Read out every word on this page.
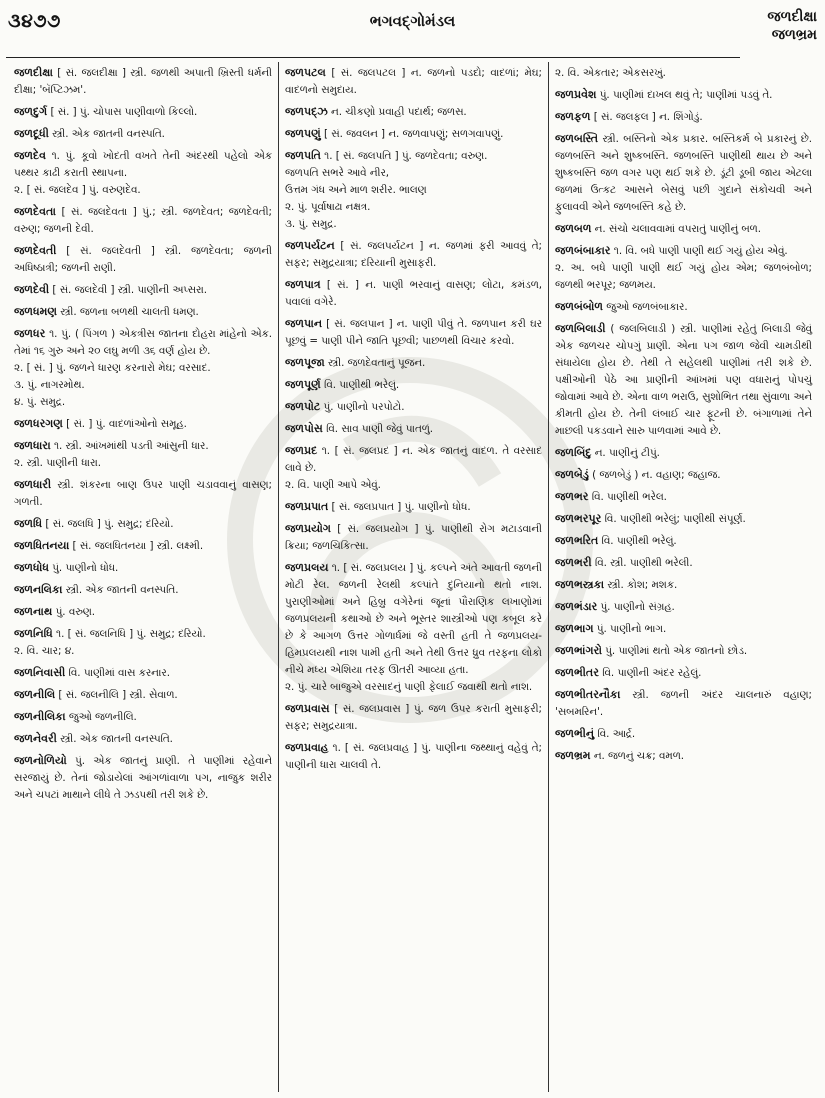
૩૪૭૭	ભગવદ્ગોમંડલ	જળદીક્ષા
જળભ્રમ

જળદીક્ષા [ સં. જલદીક્ષા ] સ્ત્રી. જળથી અપાતી ખ્રિસ્તી ધર્મની દીક્ષા; 'બૅપ્ટિઝમ'.

જળદુર્ગ [ સં. ] પું. ચોપાસ પાણીવાળો કિલ્લો.

જળદૂધી સ્ત્રી. એક જાતની વનસ્પતિ.

જળદેવ ૧. પું. કૂવો ખોદતી વખતે તેની અંદરથી પહેલો એક પથ્થર કાઢી કરાતી સ્થાપના.
૨. [ સં. જલદેવ ] પું. વરુણદેવ.

જળદેવતા [ સં. જલદેવતા ] પું.; સ્ત્રી. જળદેવત; જળદેવતી; વરુણ; જળની દેવી.

જળદેવતી [ સં. જલદેવતી ] સ્ત્રી. જળદેવતા; જળની અધિષ્ઠાત્રી; જળની રાણી.

જળદેવી [ સં. જલદેવી ] સ્ત્રી. પાણીની અપ્સરા.

જળધમણ સ્ત્રી. જળના બળથી ચાલતી ધમણ.

જળધર ૧. પું. ( પિંગળ ) એકત્રીસ જાતના દોહરા માંહેનો એક. તેમાં ૧૬ ગુરુ અને ૨૦ લઘુ મળી ૩૬ વર્ણ હોય છે.
૨. [ સં. ] પું. જળને ધારણ કરનારો મેઘ; વરસાદ.
૩. પું. નાગરમોથ.
૪. પું. સમુદ્ર.

જળધરગણ [ સં. ] પું. વાદળાંઓનો સમૂહ.

જળધારા ૧. સ્ત્રી. આંખમાંથી પડતી આંસુની ધાર.
૨. સ્ત્રી. પાણીની ધારા.

જળધારી સ્ત્રી. શંકરના બાણ ઉપર પાણી ચડાવવાનું વાસણ; ગળતી.

જળધિ [ સં. જલધિ ] પું. સમુદ્ર; દરિયો.

જળધિતનયા [ સં. જલધિતનયા ] સ્ત્રી. લક્ષ્મી.

જળધોધ પું. પાણીનો ધોધ.

જળનલિકા સ્ત્રી. એક જાતની વનસ્પતિ.

જળનાથ પું. વરુણ.

જળનિધિ ૧. [ સં. જલનિધિ ] પું. સમુદ્ર; દરિયો.
૨. વિ. ચાર; ૪.

જળનિવાસી વિ. પાણીમાં વાસ કરનાર.

જળનીલિ [ સં. જલનીલિ ] સ્ત્રી. સેવાળ.

જળનીલિકા જુઓ જળનીલિ.

જળનેવરી સ્ત્રી. એક જાતની વનસ્પતિ.

જળનોળિયો પું. એક જાતનું પ્રાણી. તે પાણીમાં રહેવાને સરજાયું છે. તેનાં જોડાયેલાં આંગળાંવાળા પગ, નાજુક શરીર અને ચપટાં માથાને લીધે તે ઝડપથી તરી શકે છે.

જળપટલ [ સં. જલપટલ ] ન. જળનો પડદો; વાદળાં; મેઘ; વાદળનો સમુદાય.

જળપદ્ઝ ન. ચીકણો પ્રવાહી પદાર્થ; જળસ.

જળપણું [ સં. જવલન ] ન. જળવાપણું; સળગવાપણું.

જળપતિ ૧. [ સં. જલપતિ ] પું. જળદેવતા; વરુણ.
જળપતિ સભરે આવે નીર,
ઉત્તમ ગંધ અને માળ શરીર. ભાલણ
૨. પું. પૂર્વાષાઢા નક્ષત્ર.
૩. પું. સમુદ્ર.

જળપર્યટન [ સં. જલપર્યટન ] ન. જળમાં ફરી આવવું તે; સફર; સમુદ્રયાત્રા; દરિયાની મુસાફરી.

જળપાત્ર [ સં. ] ન. પાણી ભરવાનું વાસણ; લોટા, કમંડળ, પવાલાં વગેરે.

જળપાન [ સં. જલપાન ] ન. પાણી પીવું તે. જળપાન કરી ઘર પૂછવું = પાણી પીને જાતિ પૂછવી; પાછળથી વિચાર કરવો.

જળપૂજા સ્ત્રી. જળદેવતાનું પૂજન.

જળપૂર્ણ વિ. પાણીથી ભરેલું.

જળપોટ પું. પાણીનો પરપોટો.

જળપોસ વિ. સાવ પાણી જેવું પાતળું.

જળપ્રદ ૧. [ સં. જલપ્રદ ] ન. એક જાતનું વાદળ. તે વરસાદ લાવે છે.
૨. વિ. પાણી આપે એવું.

જળપ્રપાત [ સં. જલપ્રપાત ] પું. પાણીનો ધોધ.

જળપ્રયોગ [ સં. જલપ્રયોગ ] પું. પાણીથી રોગ મટાડવાની ક્રિયા; જળચિકિત્સા.

જળપ્રલય ૧. [ સં. જલપ્રલય ] પું. કલ્પને અંતે આવતી જળની મોટી રેલ. જળની રેલથી કલ્પાંતે દુનિયાનો થતો નાશ. પુરાણીઓમાં અને હિબ્રુ વગેરેનાં જૂનાં પૌરાણિક લખાણોમાં જળપ્રલયની કથાઓ છે અને ભૂસ્તર શાસ્ત્રીઓ પણ કબૂલ કરે છે કે આગળ ઉત્તર ગોળાર્ધમાં જે વસ્તી હતી તે જળપ્રલય-હિમપ્રલયથી નાશ પામી હતી અને તેથી ઉત્તર ધ્રુવ તરફના લોકો નીચે મધ્ય એશિયા તરફ ઊતરી આવ્યા હતા.
૨. પું. ચારે બાજુએ વરસાદનું પાણી ફેલાઈ જવાથી થતો નાશ.

જળપ્રવાસ [ સં. જલપ્રવાસ ] પું. જળ ઉપર કરાતી મુસાફરી; સફર; સમુદ્રયાત્રા.

જળપ્રવાહ ૧. [ સં. જલપ્રવાહ ] પું. પાણીના જથ્થાનું વહેવું તે; પાણીની ધારા ચાલવી તે.

૨. વિ. એકતાર; એકસરખું.

જળપ્રવેશ પું. પાણીમાં દાખલ થવું તે; પાણીમાં પડવું તે.

જળફળ [ સં. જલફલ ] ન. શિંગોડું.

જળબસ્તિ સ્ત્રી. બસ્તિનો એક પ્રકાર. બસ્તિકર્મ બે પ્રકારનું છે. જળબસ્તિ અને શુષ્કબસ્તિ. જળબસ્તિ પાણીથી થાય છે અને શુષ્કબસ્તિ જળ વગર પણ થઈ શકે છે. ડૂંટી ડૂબી જાય એટલા જળમાં ઉત્કટ આસને બેસવું પછી ગુદાને સંકોચવી અને ફુલાવવી એને જળબસ્તિ કહે છે.

જળબળ ન. સંચો ચલાવવામાં વપરાતું પાણીનું બળ.

જળબંબાકાર ૧. વિ. બધે પાણી પાણી થઈ ગયું હોય એવું.
૨. અ. બધે પાણી પાણી થઈ ગયું હોય એમ; જળબંબોળ; જળથી ભરપૂર; જળમય.

જળબંબોળ જુઓ જળબંબાકાર.

જળબિલાડી ( જલબિલાડી ) સ્ત્રી. પાણીમાં રહેતું બિલાડી જેવું એક જળચર ચોપગું પ્રાણી. એના પગ જાળ જેવી ચામડીથી સંધાયેલા હોય છે. તેથી તે સહેલથી પાણીમાં તરી શકે છે. પક્ષીઓની પેઠે આ પ્રાણીની આંખમાં પણ વધારાનું પોપચું જોવામાં આવે છે. એના વાળ ભરાઉ, સુશોભિત તથા સુંવાળા અને કીમતી હોય છે. તેની લંબાઈ ચાર ફૂટની છે. બંગાળામાં તેને માછલી પકડવાને સારુ પાળવામાં આવે છે.

જળબિંદુ ન. પાણીનું ટીપું.

જળબેડું ( જળબેડું ) ન. વહાણ; જહાજ.

જળભર વિ. પાણીથી ભરેલ.

જળભરપૂર વિ. પાણીથી ભરેલું; પાણીથી સંપૂર્ણ.

જળભરિત વિ. પાણીથી ભરેલું.

જળભરી વિ. સ્ત્રી. પાણીથી ભરેલી.

જળભસ્ત્રકા સ્ત્રી. કોશ; મશક.

જળભંડાર પું. પાણીનો સંગ્રહ.

જળભાગ પું. પાણીનો ભાગ.

જળભાંગરો પું. પાણીમાં થતો એક જાતનો છોડ.

જળભીતર વિ. પાણીની અંદર રહેલું.

જળભીતરનૌકા સ્ત્રી. જળની અંદર ચાલનારું વહાણ; 'સબમરિન'.

જળભીનું વિ. આર્દ્ર.

જળભ્રમ ન. જળનું ચક્ર; વમળ.
